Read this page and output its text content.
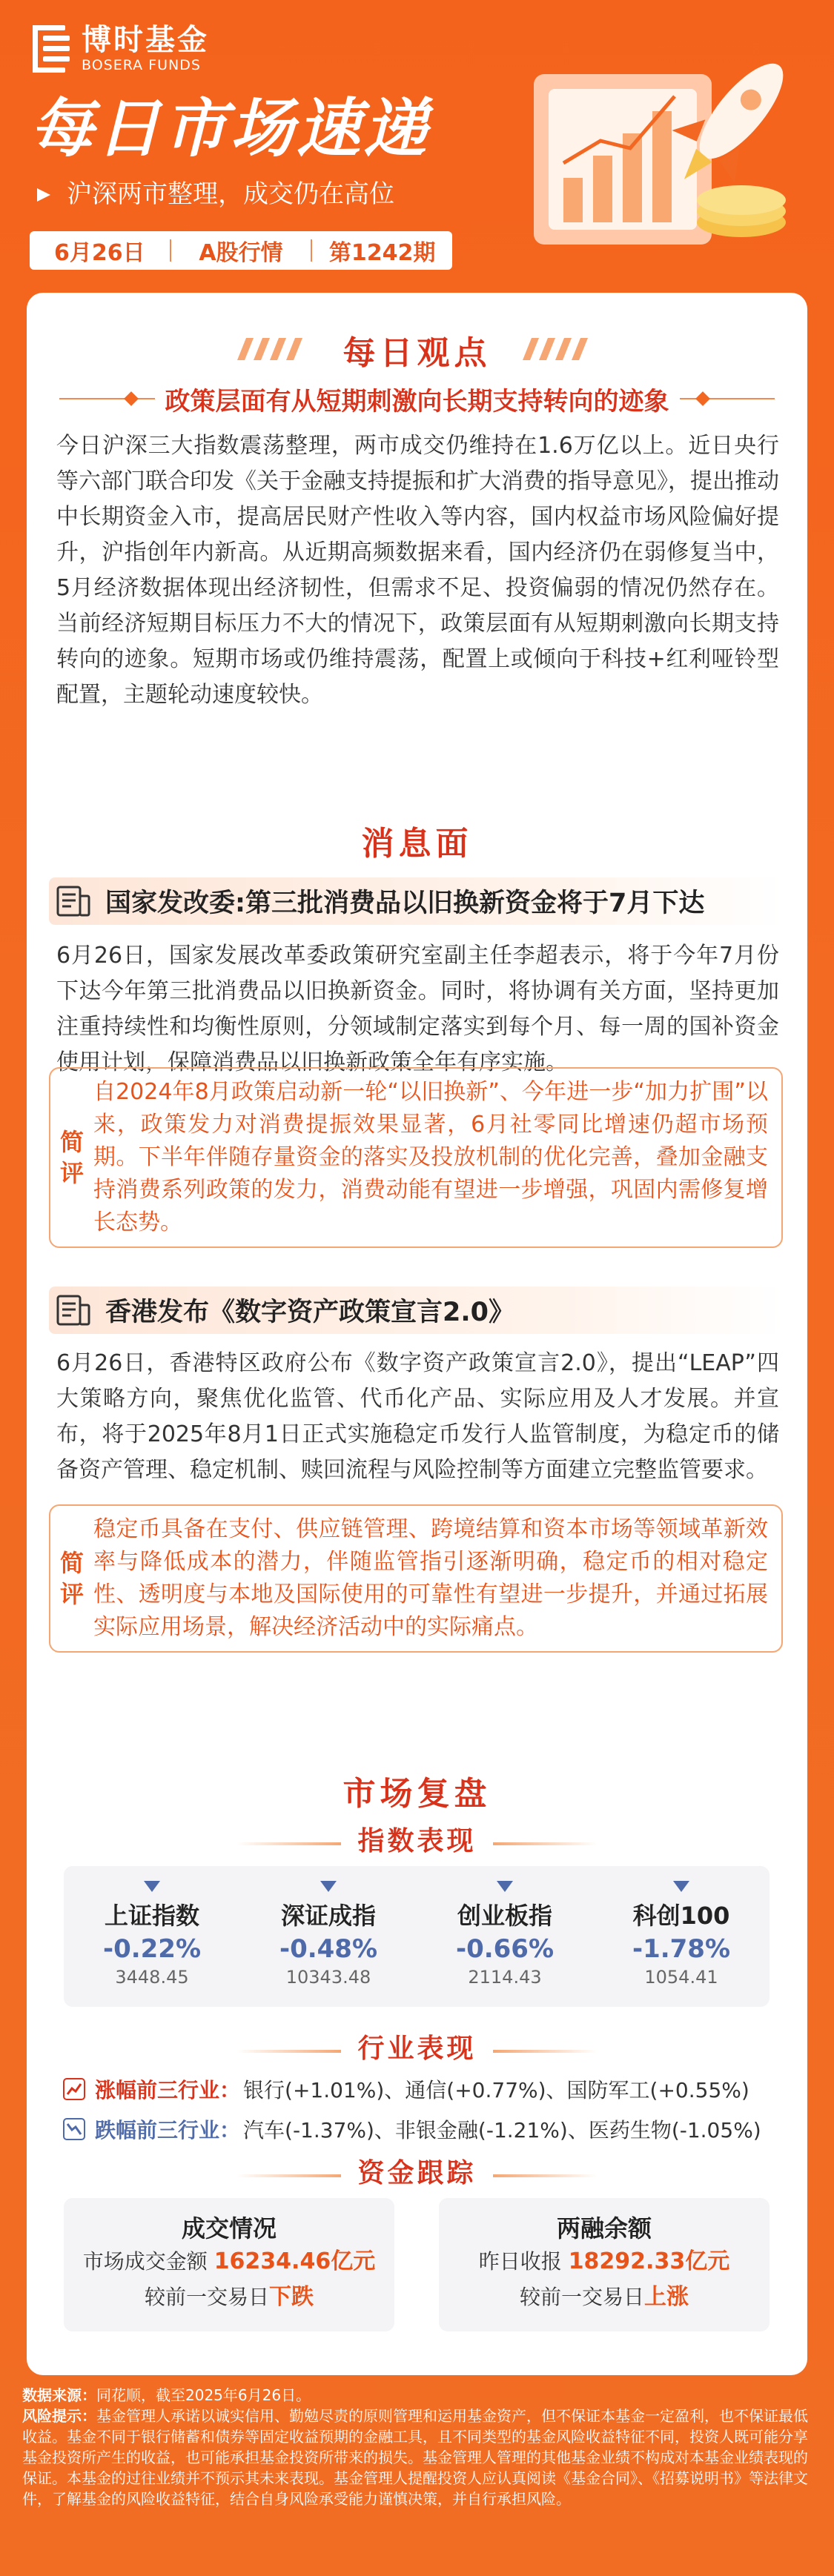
博时基金
BOSERA FUNDS
每日市场速递
沪深两市整理，成交仍在高位
6月26日	A股行情	第1242期
每日观点
政策层面有从短期刺激向长期支持转向的迹象
今日沪深三大指数震荡整理，两市成交仍维持在1.6万亿以上。近日央行等六部门联合印发《关于金融支持提振和扩大消费的指导意见》，提出推动中长期资金入市，提高居民财产性收入等内容，国内权益市场风险偏好提升，沪指创年内新高。从近期高频数据来看，国内经济仍在弱修复当中，5月经济数据体现出经济韧性，但需求不足、投资偏弱的情况仍然存在。当前经济短期目标压力不大的情况下，政策层面有从短期刺激向长期支持转向的迹象。短期市场或仍维持震荡，配置上或倾向于科技+红利哑铃型配置，主题轮动速度较快。
消息面
国家发改委:第三批消费品以旧换新资金将于7月下达
6月26日，国家发展改革委政策研究室副主任李超表示，将于今年7月份下达今年第三批消费品以旧换新资金。同时，将协调有关方面，坚持更加注重持续性和均衡性原则，分领域制定落实到每个月、每一周的国补资金使用计划，保障消费品以旧换新政策全年有序实施。
简
评
自2024年8月政策启动新一轮“以旧换新”、今年进一步“加力扩围”以来，政策发力对消费提振效果显著，6月社零同比增速仍超市场预期。下半年伴随存量资金的落实及投放机制的优化完善，叠加金融支持消费系列政策的发力，消费动能有望进一步增强，巩固内需修复增长态势。
香港发布《数字资产政策宣言2.0》
6月26日，香港特区政府公布《数字资产政策宣言2.0》，提出“LEAP”四大策略方向，聚焦优化监管、代币化产品、实际应用及人才发展。并宣布，将于2025年8月1日正式实施稳定币发行人监管制度，为稳定币的储备资产管理、稳定机制、赎回流程与风险控制等方面建立完整监管要求。
简
评
稳定币具备在支付、供应链管理、跨境结算和资本市场等领域革新效率与降低成本的潜力，伴随监管指引逐渐明确，稳定币的相对稳定性、透明度与本地及国际使用的可靠性有望进一步提升，并通过拓展实际应用场景，解决经济活动中的实际痛点。
市场复盘
指数表现
上证指数
-0.22%
3448.45
深证成指
-0.48%
10343.48
创业板指
-0.66%
2114.43
科创100
-1.78%
1054.41
行业表现
涨幅前三行业： 银行(+1.01%)、通信(+0.77%)、国防军工(+0.55%)
跌幅前三行业： 汽车(-1.37%)、非银金融(-1.21%)、医药生物(-1.05%)
资金跟踪
成交情况
市场成交金额 16234.46亿元
较前一交易日下跌
两融余额
昨日收报 18292.33亿元
较前一交易日上涨
数据来源：同花顺，截至2025年6月26日。
风险提示：基金管理人承诺以诚实信用、勤勉尽责的原则管理和运用基金资产，但不保证本基金一定盈利，也不保证最低收益。基金不同于银行储蓄和债券等固定收益预期的金融工具，且不同类型的基金风险收益特征不同，投资人既可能分享基金投资所产生的收益，也可能承担基金投资所带来的损失。基金管理人管理的其他基金业绩不构成对本基金业绩表现的保证。本基金的过往业绩并不预示其未来表现。基金管理人提醒投资人应认真阅读《基金合同》、《招募说明书》等法律文件，了解基金的风险收益特征，结合自身风险承受能力谨慎决策，并自行承担风险。
